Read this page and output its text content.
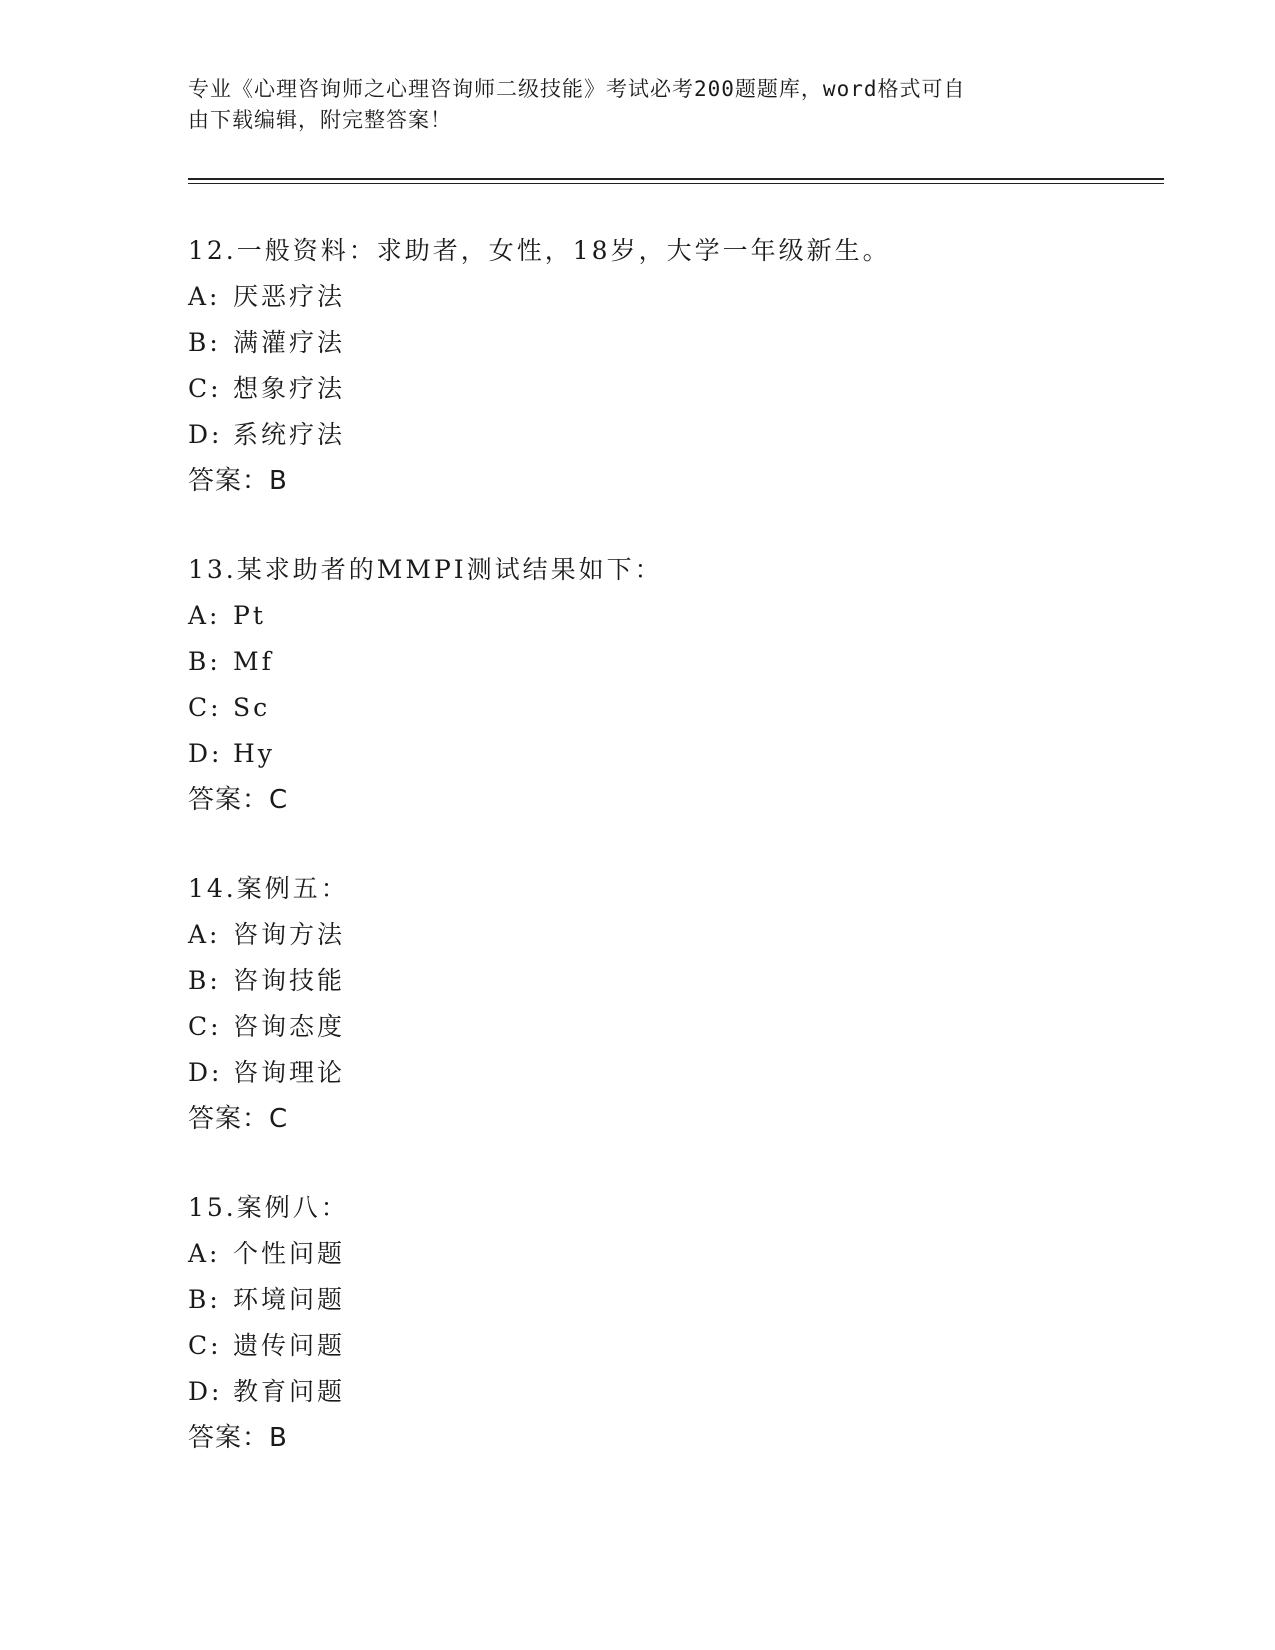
专业《心理咨询师之心理咨询师二级技能》考试必考200题题库，word格式可自
由下载编辑，附完整答案！
12.一般资料：求助者，女性，18岁，大学一年级新生。
A: 厌恶疗法
B: 满灌疗法
C: 想象疗法
D: 系统疗法
答案：B
13.某求助者的MMPI测试结果如下：
A: Pt
B: Mf
C: Sc
D: Hy
答案：C
14.案例五：
A: 咨询方法
B: 咨询技能
C: 咨询态度
D: 咨询理论
答案：C
15.案例八：
A: 个性问题
B: 环境问题
C: 遗传问题
D: 教育问题
答案：B
